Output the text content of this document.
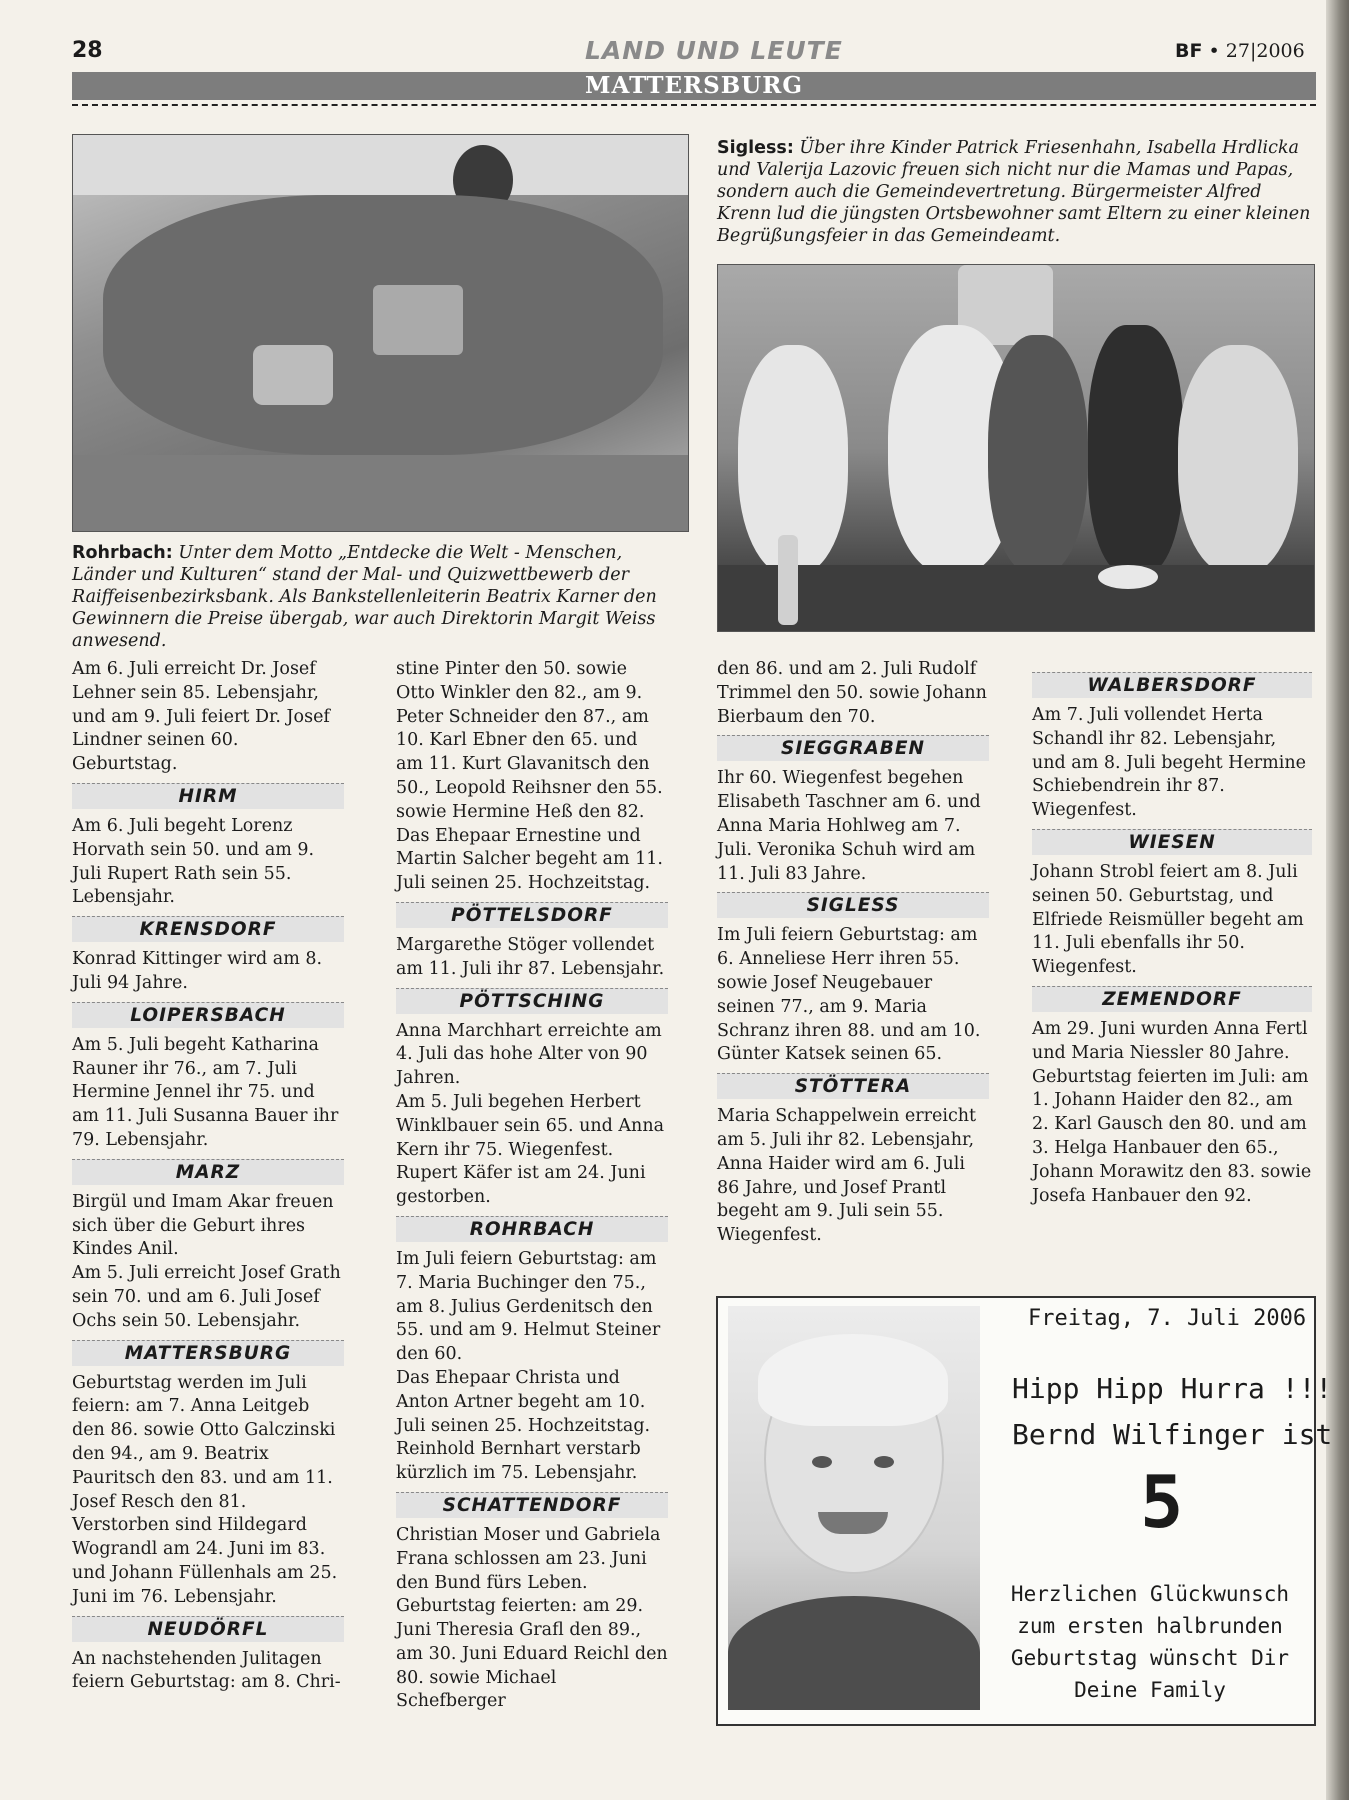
28	LAND UND LEUTE	BF • 27|2006
MATTERSBURG
Rohrbach: Unter dem Motto „Entdecke die Welt - Menschen, Länder und Kulturen“ stand der Mal- und Quizwettbewerb der Raiffeisenbezirksbank. Als Bankstellenleiterin Beatrix Karner den Gewinnern die Preise übergab, war auch Direktorin Margit Weiss anwesend.
Sigless: Über ihre Kinder Patrick Friesenhahn, Isabella Hrdlicka und Valerija Lazovic freuen sich nicht nur die Mamas und Papas, sondern auch die Gemeindevertretung. Bürgermeister Alfred Krenn lud die jüngsten Ortsbewohner samt Eltern zu einer kleinen Begrüßungsfeier in das Gemeindeamt.

Am 6. Juli erreicht Dr. Josef Lehner sein 85. Lebensjahr, und am 9. Juli feiert Dr. Josef Lindner seinen 60. Geburtstag.

HIRM

Am 6. Juli begeht Lorenz Horvath sein 50. und am 9. Juli Rupert Rath sein 55. Lebensjahr.

KRENSDORF

Konrad Kittinger wird am 8. Juli 94 Jahre.

LOIPERSBACH

Am 5. Juli begeht Katharina Rauner ihr 76., am 7. Juli Hermine Jennel ihr 75. und am 11. Juli Susanna Bauer ihr 79. Lebensjahr.

MARZ

Birgül und Imam Akar freuen sich über die Geburt ihres Kindes Anil.

Am 5. Juli erreicht Josef Grath sein 70. und am 6. Juli Josef Ochs sein 50. Lebensjahr.

MATTERSBURG

Geburtstag werden im Juli feiern: am 7. Anna Leitgeb den 86. sowie Otto Galczinski den 94., am 9. Beatrix Pauritsch den 83. und am 11. Josef Resch den 81.

Verstorben sind Hildegard Wograndl am 24. Juni im 83. und Johann Füllenhals am 25. Juni im 76. Lebensjahr.

NEUDÖRFL

An nachstehenden Julitagen feiern Geburtstag: am 8. Chri-

stine Pinter den 50. sowie Otto Winkler den 82., am 9. Peter Schneider den 87., am 10. Karl Ebner den 65. und am 11. Kurt Glavanitsch den 50., Leopold Reihsner den 55. sowie Hermine Heß den 82.

Das Ehepaar Ernestine und Martin Salcher begeht am 11. Juli seinen 25. Hochzeitstag.

PÖTTELSDORF

Margarethe Stöger vollendet am 11. Juli ihr 87. Lebensjahr.

PÖTTSCHING

Anna Marchhart erreichte am 4. Juli das hohe Alter von 90 Jahren.

Am 5. Juli begehen Herbert Winklbauer sein 65. und Anna Kern ihr 75. Wiegenfest. Rupert Käfer ist am 24. Juni gestorben.

ROHRBACH

Im Juli feiern Geburtstag: am 7. Maria Buchinger den 75., am 8. Julius Gerdenitsch den 55. und am 9. Helmut Steiner den 60.

Das Ehepaar Christa und Anton Artner begeht am 10. Juli seinen 25. Hochzeitstag.

Reinhold Bernhart verstarb kürzlich im 75. Lebensjahr.

SCHATTENDORF

Christian Moser und Gabriela Frana schlossen am 23. Juni den Bund fürs Leben.

Geburtstag feierten: am 29. Juni Theresia Grafl den 89., am 30. Juni Eduard Reichl den 80. sowie Michael Schefberger

den 86. und am 2. Juli Rudolf Trimmel den 50. sowie Johann Bierbaum den 70.

SIEGGRABEN

Ihr 60. Wiegenfest begehen Elisabeth Taschner am 6. und Anna Maria Hohlweg am 7. Juli. Veronika Schuh wird am 11. Juli 83 Jahre.

SIGLESS

Im Juli feiern Geburtstag: am 6. Anneliese Herr ihren 55. sowie Josef Neugebauer seinen 77., am 9. Maria Schranz ihren 88. und am 10. Günter Katsek seinen 65.

STÖTTERA

Maria Schappelwein erreicht am 5. Juli ihr 82. Lebensjahr, Anna Haider wird am 6. Juli 86 Jahre, und Josef Prantl begeht am 9. Juli sein 55. Wiegenfest.

WALBERSDORF

Am 7. Juli vollendet Herta Schandl ihr 82. Lebensjahr, und am 8. Juli begeht Hermine Schiebendrein ihr 87. Wiegenfest.

WIESEN

Johann Strobl feiert am 8. Juli seinen 50. Geburtstag, und Elfriede Reismüller begeht am 11. Juli ebenfalls ihr 50. Wiegenfest.

ZEMENDORF

Am 29. Juni wurden Anna Fertl und Maria Niessler 80 Jahre.

Geburtstag feierten im Juli: am 1. Johann Haider den 82., am 2. Karl Gausch den 80. und am 3. Helga Hanbauer den 65., Johann Morawitz den 83. sowie Josefa Hanbauer den 92.

Freitag, 7. Juli 2006
Hipp Hipp Hurra !!!
Bernd Wilfinger ist
5
Herzlichen Glückwunsch
zum ersten halbrunden
Geburtstag wünscht Dir
Deine Family
